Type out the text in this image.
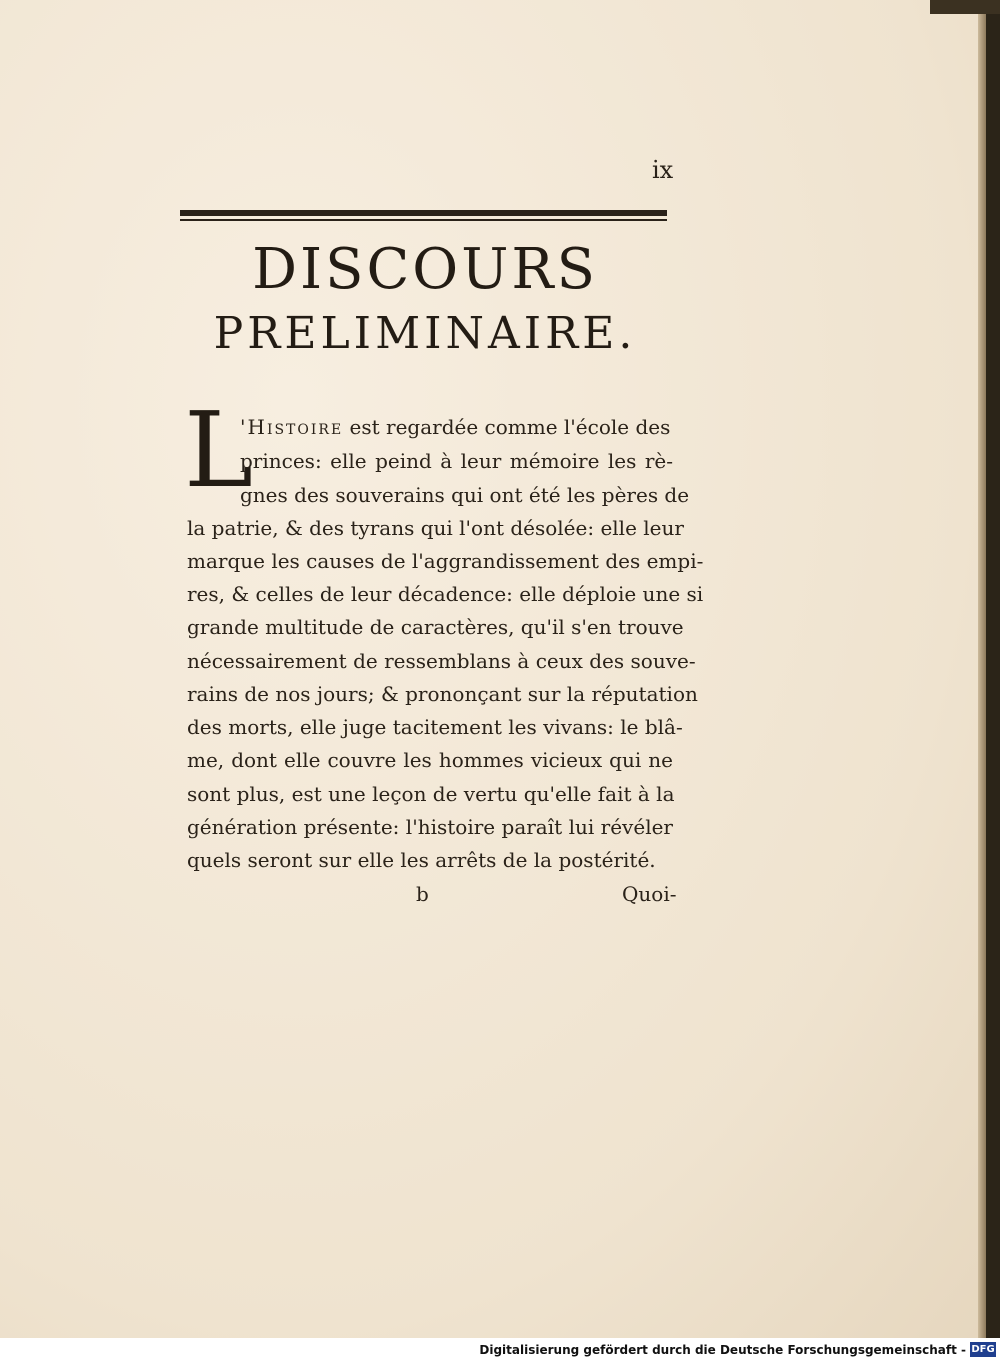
ix
DISCOURS
PRELIMINAIRE.
L
'Histoire est regardée comme l'école des
princes: elle peind à leur mémoire les rè-
gnes des souverains qui ont été les pères de
la patrie, & des tyrans qui l'ont désolée: elle leur
marque les causes de l'aggrandissement des empi-
res, & celles de leur décadence: elle déploie une si
grande multitude de caractères, qu'il s'en trouve
nécessairement de ressemblans à ceux des souve-
rains de nos jours; & prononçant sur la réputation
des morts, elle juge tacitement les vivans: le blâ-
me, dont elle couvre les hommes vicieux qui ne
sont plus, est une leçon de vertu qu'elle fait à la
génération présente: l'histoire paraît lui révéler
quels seront sur elle les arrêts de la postérité.
b	Quoi-
Digitalisierung gefördert durch die Deutsche Forschungsgemeinschaft - DFG
